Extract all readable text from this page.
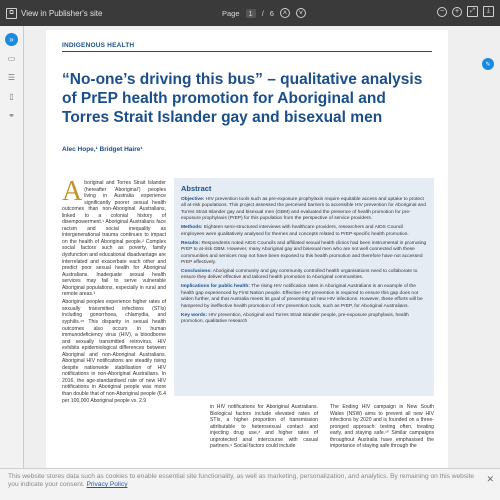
⧉ View in Publisher's site	Page	1	/ 6	˄	˅	−	+	⤢	⤓
»
▭
☰
▯
⚭
✎
INDIGENOUS HEALTH
“No-one’s driving this bus” – qualitative analysis of PrEP health promotion for Aboriginal and Torres Strait Islander gay and bisexual men
Alec Hope,¹ Bridget Haire¹
A boriginal and Torres Strait Islander (hereafter ‘Aboriginal’) peoples living in Australia experience significantly poorer sexual health outcomes than non-Aboriginal Australians, linked to a colonial history of disempowerment.¹ Aboriginal Australians face racism and social inequality as intergenerational trauma continues to impact on the health of Aboriginal people.² Complex social factors such as poverty, family dysfunction and educational disadvantage are interrelated and exacerbate each other and predict poor sexual health for Aboriginal Australians. Inadequate sexual health services may fail to serve vulnerable Aboriginal populations, especially in rural and remote areas.³

Aboriginal peoples experience higher rates of sexually transmitted infections (STIs) including gonorrhoea, chlamydia, and syphilis.⁴⁵ This disparity in sexual health outcomes also occurs in human immunodeficiency virus (HIV), a bloodborne and sexually transmitted retrovirus. HIV exhibits epidemiological differences between Aboriginal and non-Aboriginal Australians. Aboriginal HIV notifications are steadily rising despite nationwide stabilisation of HIV notifications in non-Aboriginal Australians. In 2016, the age-standardised rate of new HIV notifications in Aboriginal people was more than double that of non-Aboriginal people (6.4 per 100,000 Aboriginal people vs. 2.9

Abstract

Objective: HIV prevention tools such as pre-exposure prophylaxis require equitable access and uptake to protect all at-risk populations. This project assessed the perceived barriers to accessible HIV prevention for Aboriginal and Torres Strait Islander gay and bisexual men (GBM) and evaluated the presence of health promotion for pre-exposure prophylaxis (PrEP) for this population from the perspective of service providers.

Methods: Eighteen semi-structured interviews with healthcare providers, researchers and AIDS Council employees were qualitatively analysed for themes and concepts related to PrEP-specific health promotion.

Results: Respondents noted AIDS Councils and affiliated sexual health clinics had been instrumental in promoting PrEP to at-risk GBM. However, many Aboriginal gay and bisexual men who are not well connected with these communities and services may not have been exposed to this health promotion and therefore have not accessed PrEP effectively.

Conclusions: Aboriginal community and gay community controlled health organisations need to collaborate to ensure they deliver effective and tailored health promotion to Aboriginal communities.

Implications for public health: The rising HIV notification rates in Aboriginal Australians is an example of the health gap experienced by First Nation people. Effective HIV prevention is required to ensure this gap does not widen further, and that Australia meets its goal of preventing all new HIV infections. However, these efforts will be hampered by ineffective health promotion of HIV prevention tools, such as PrEP, for Aboriginal Australians.

Key words: HIV prevention, Aboriginal and Torres Strait Islander people, pre-exposure prophylaxis, health promotion, qualitative research

in HIV notifications for Aboriginal Australians. Biological factors include elevated rates of STIs, a higher proportion of transmission attributable to heterosexual contact and injecting drug use,⁸ and higher rates of unprotected anal intercourse with casual partners.⁹ Social factors could include

The Ending HIV campaign in New South Wales (NSW) aims to prevent all new HIV infections by 2020 and is founded on a three-pronged approach: testing often, treating early, and staying safe.¹⁰ Similar campaigns throughout Australia have emphasised the importance of staying safe through the

This website stores data such as cookies to enable essential site functionality, as well as marketing, personalization, and analytics. By remaining on this website you indicate your consent. Privacy Policy
✕
